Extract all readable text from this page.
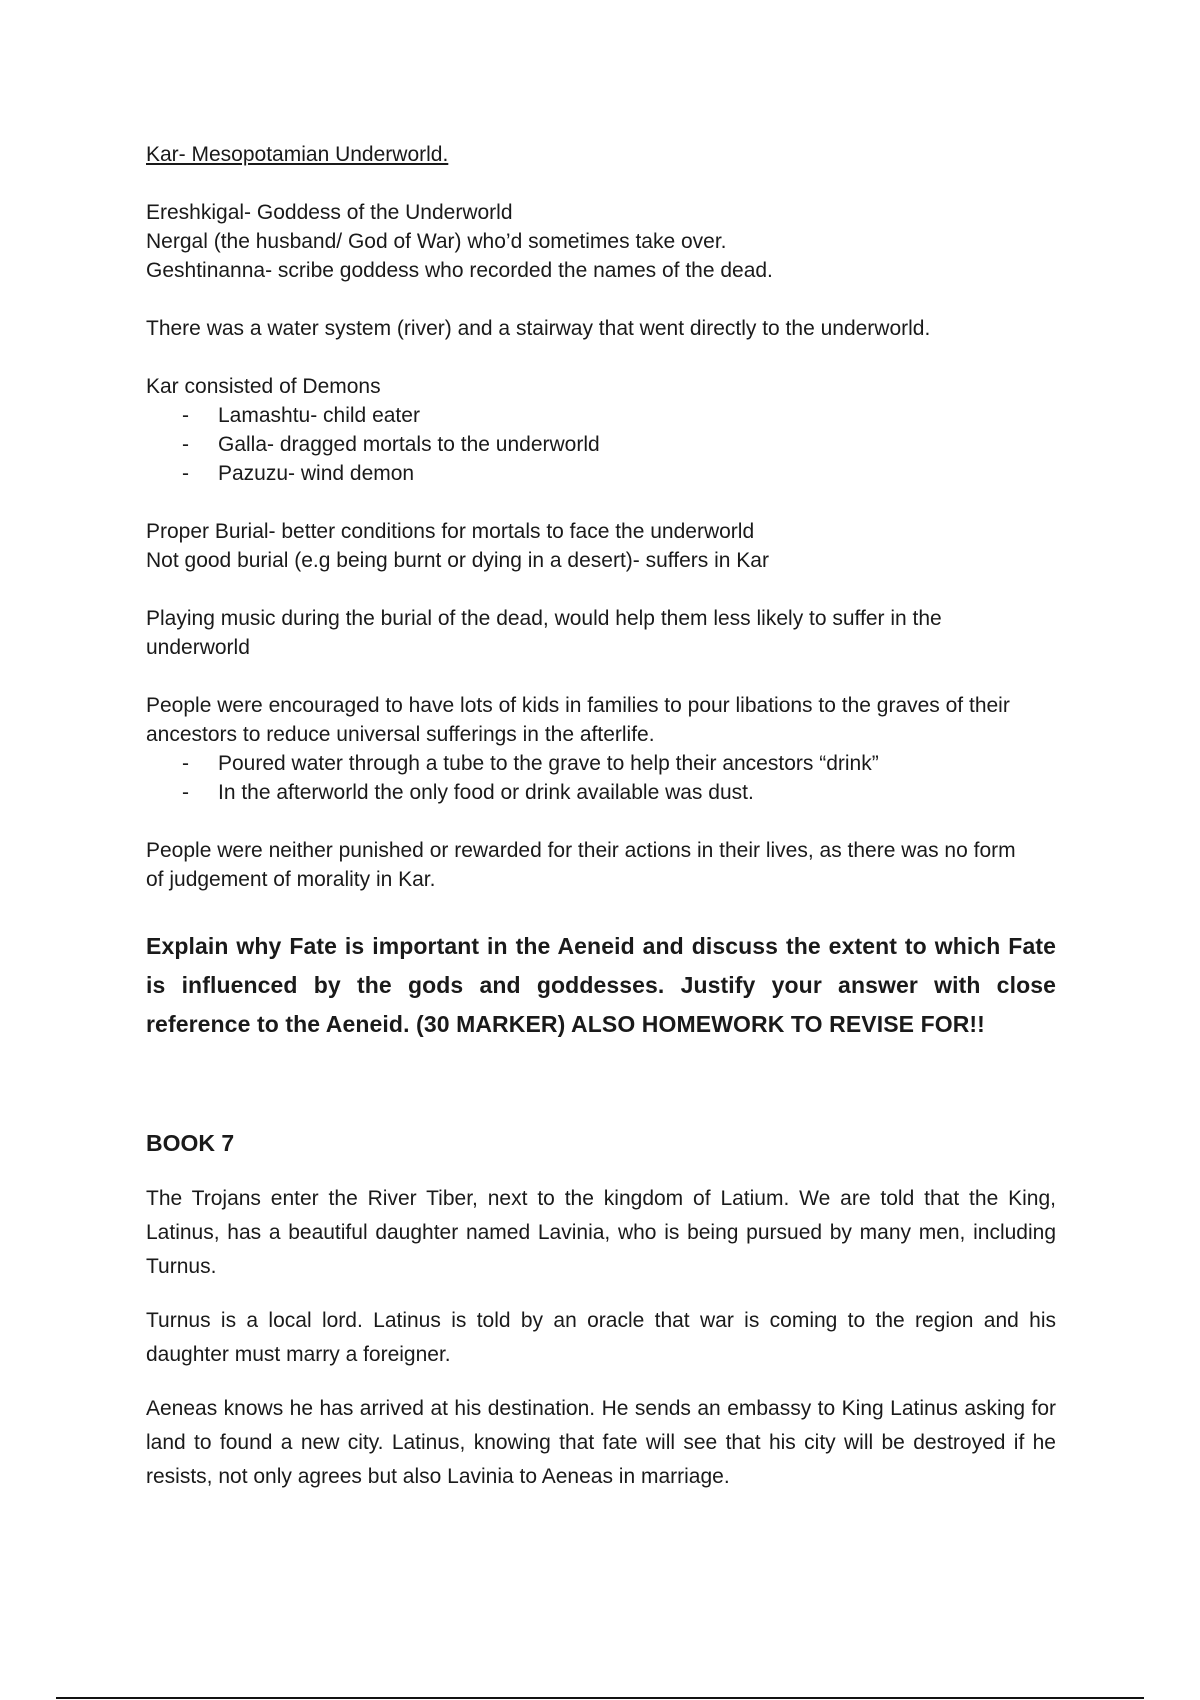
Kar- Mesopotamian Underworld.

Ereshkigal- Goddess of the Underworld

Nergal (the husband/ God of War) who’d sometimes take over.

Geshtinanna- scribe goddess who recorded the names of the dead.

There was a water system (river) and a stairway that went directly to the underworld.

Kar consisted of Demons

- Lamashtu- child eater
- Galla- dragged mortals to the underworld
- Pazuzu- wind demon

Proper Burial- better conditions for mortals to face the underworld

Not good burial (e.g being burnt or dying in a desert)- suffers in Kar

Playing music during the burial of the dead, would help them less likely to suffer in the underworld

People were encouraged to have lots of kids in families to pour libations to the graves of their ancestors to reduce universal sufferings in the afterlife.

- Poured water through a tube to the grave to help their ancestors “drink”
- In the afterworld the only food or drink available was dust.

People were neither punished or rewarded for their actions in their lives, as there was no form of judgement of morality in Kar.

Explain why Fate is important in the Aeneid and discuss the extent to which Fate is influenced by the gods and goddesses. Justify your answer with close reference to the Aeneid. (30 MARKER) ALSO HOMEWORK TO REVISE FOR!!

BOOK 7

The Trojans enter the River Tiber, next to the kingdom of Latium. We are told that the King, Latinus, has a beautiful daughter named Lavinia, who is being pursued by many men, including Turnus.

Turnus is a local lord. Latinus is told by an oracle that war is coming to the region and his daughter must marry a foreigner.

Aeneas knows he has arrived at his destination. He sends an embassy to King Latinus asking for land to found a new city. Latinus, knowing that fate will see that his city will be destroyed if he resists, not only agrees but also Lavinia to Aeneas in marriage.
